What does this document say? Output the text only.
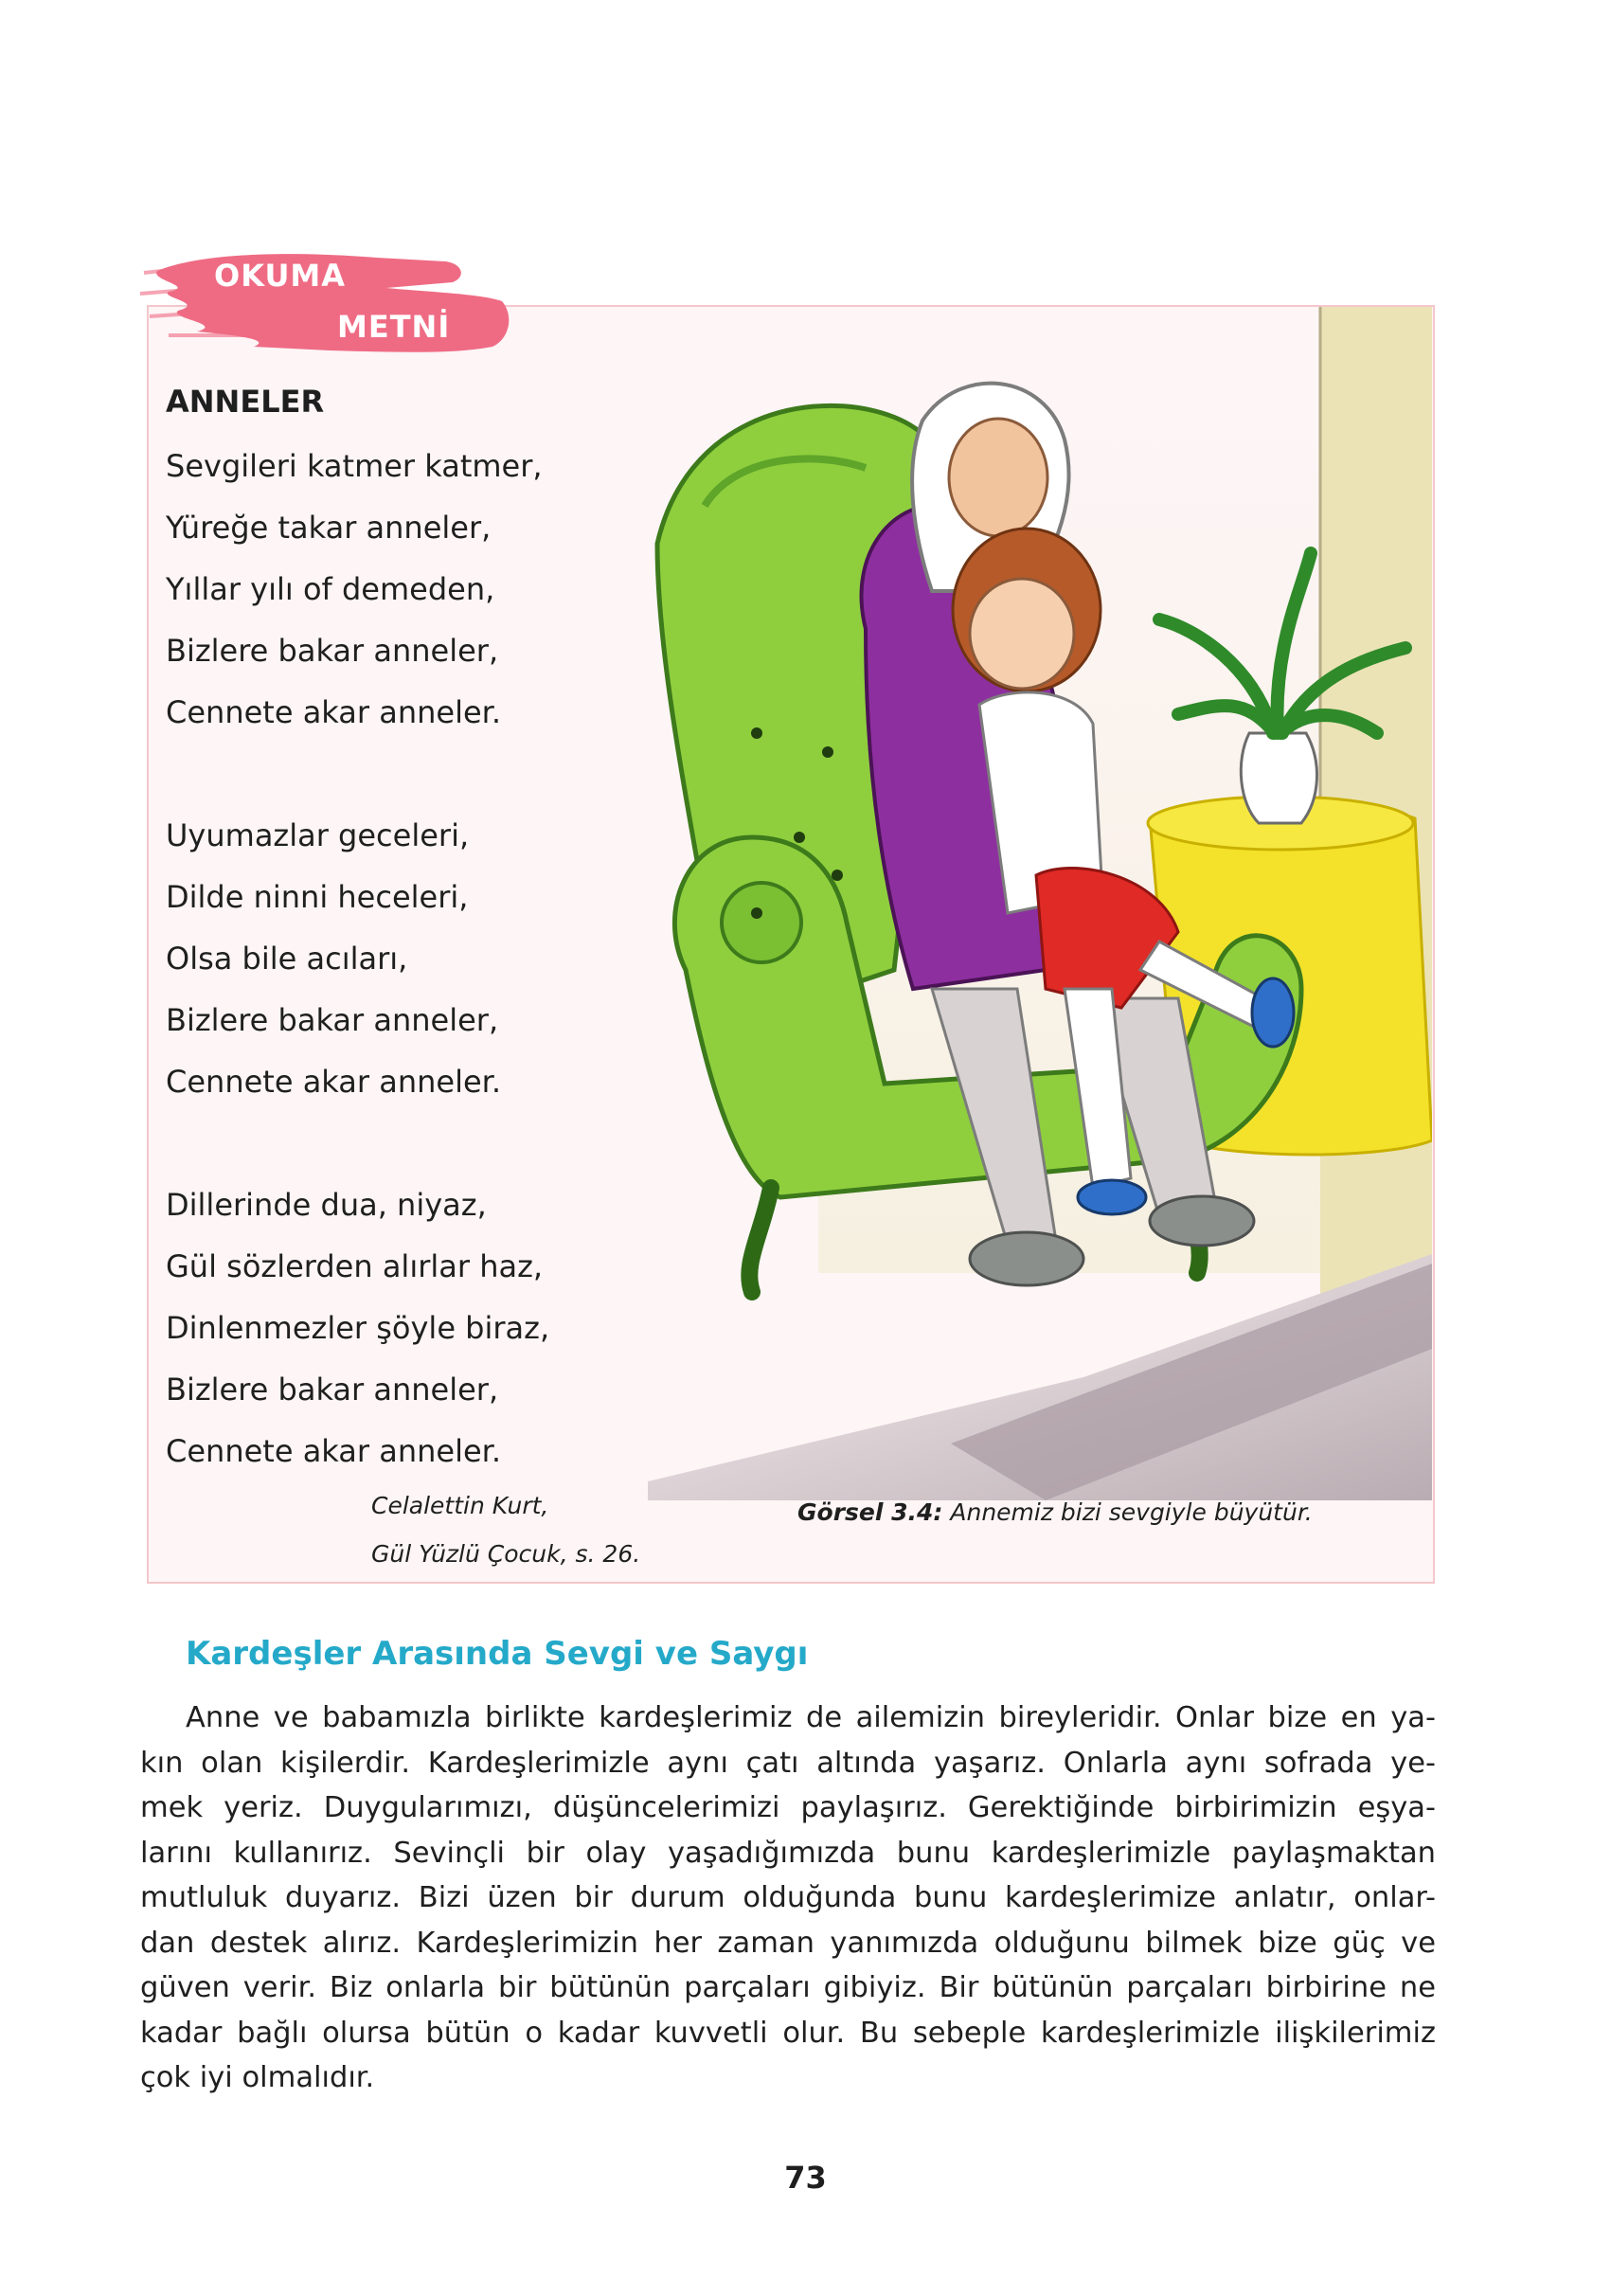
OKUMA
METNİ
ANNELER
Sevgileri katmer katmer,
Yüreğe takar anneler,
Yıllar yılı of demeden,
Bizlere bakar anneler,
Cennete akar anneler.
Uyumazlar geceleri,
Dilde ninni heceleri,
Olsa bile acıları,
Bizlere bakar anneler,
Cennete akar anneler.
Dillerinde dua, niyaz,
Gül sözlerden alırlar haz,
Dinlenmezler şöyle biraz,
Bizlere bakar anneler,
Cennete akar anneler.
Celalettin Kurt,
Gül Yüzlü Çocuk, s. 26.
Görsel 3.4: Annemiz bizi sevgiyle büyütür.
Kardeşler Arasında Sevgi ve Saygı
Anne ve babamızla birlikte kardeşlerimiz de ailemizin bireyleridir. Onlar bize en ya-
kın olan kişilerdir. Kardeşlerimizle aynı çatı altında yaşarız. Onlarla aynı sofrada ye-
mek yeriz. Duygularımızı, düşüncelerimizi paylaşırız. Gerektiğinde birbirimizin eşya-
larını kullanırız. Sevinçli bir olay yaşadığımızda bunu kardeşlerimizle paylaşmaktan
mutluluk duyarız. Bizi üzen bir durum olduğunda bunu kardeşlerimize anlatır, onlar-
dan destek alırız. Kardeşlerimizin her zaman yanımızda olduğunu bilmek bize güç ve
güven verir. Biz onlarla bir bütünün parçaları gibiyiz. Bir bütünün parçaları birbirine ne
kadar bağlı olursa bütün o kadar kuvvetli olur. Bu sebeple kardeşlerimizle ilişkilerimiz
çok iyi olmalıdır.
73
